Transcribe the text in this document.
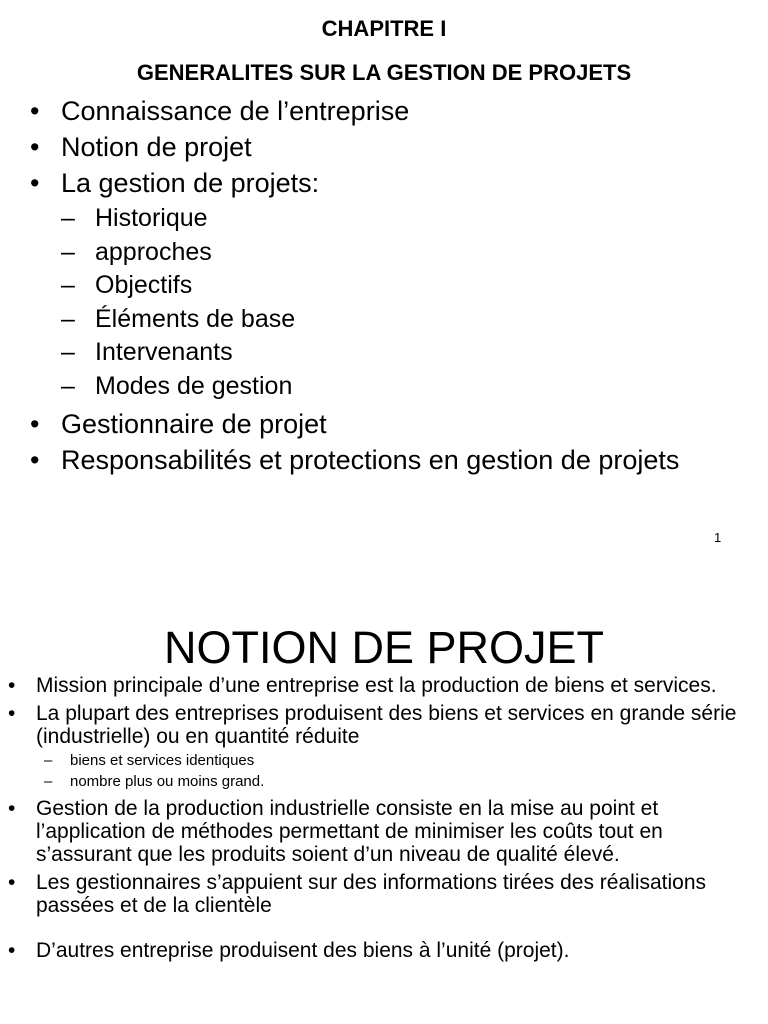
CHAPITRE I
GENERALITES SUR LA GESTION DE PROJETS
• Connaissance de l’entreprise
• Notion de projet
• La gestion de projets:
– Historique
– approches
– Objectifs
– Éléments de base
– Intervenants
– Modes de gestion
• Gestionnaire de projet
• Responsabilités et protections en gestion de projets
1
NOTION DE PROJET
• Mission principale d’une entreprise est la production de biens et services.
• La plupart des entreprises produisent des biens et services en grande série (industrielle) ou en quantité réduite
– biens et services identiques
– nombre plus ou moins grand.
• Gestion de la production industrielle consiste en la mise au point et l’application de méthodes permettant de minimiser les coûts tout en s’assurant que les produits soient d’un niveau de qualité élevé.
• Les gestionnaires s’appuient sur des informations tirées des réalisations passées et de la clientèle
• D’autres entreprise produisent des biens à l’unité (projet).
